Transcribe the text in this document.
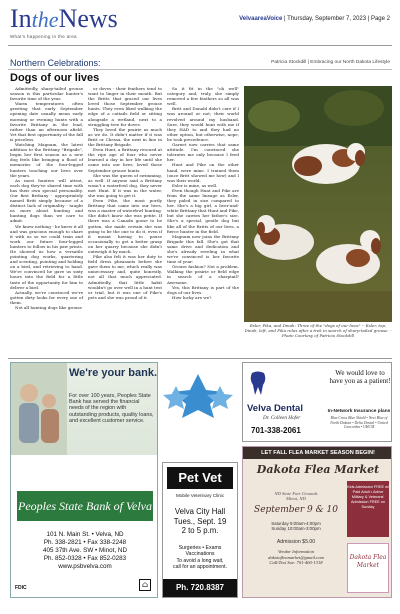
IntheNews
What's happening in the area
VelvaareaVoice | Thursday, September 7, 2023 | Page 2
Northern Celebrations:	Patricia Stockdill | Embracing our North Dakota Lifestyle
Dogs of our lives

Admittedly, sharp-tailed grouse season is this particular hunter's favorite time of the year.

Warm temperatures often greeting that early September opening date usually mean early morning or evening hunts with a favorite Brittany in the lead, rather than an afternoon afield. Yet that first opportunity of the fall is priceless.

Watching Magnum, the latest addition to the Brittany "Brigade", begin her first season as a new dog feels like bringing a flood of memories of the four-legged hunters touching our lives over the years.

As most hunters will attest, each dog they've shared time with has their own special personality. Our first Brittany - appropriately named Britt simply because of a distinct lack of originality - taught us more about hunting and hunting dogs than we care to admit.

We knew nothing - he knew it all and was gracious enough to share it with us so we could train and work our future four-legged hunters to follow in his paw prints. He showed us how a versatile pointing dog works, quartering and scenting, pointing and holding on a bird, and retrieving to hand. We're convinced he gave us sixty hours into the field for a little taste of the opportunity for him to deliver a bird.

Actually, we're convinced we're gotten dirty looks for every one of them.

Not all hunting dogs like grouse

or doves - their feathers tend to want to linger in their mouth. But the Britts that graced our lives loved those September grouse hunts. They even liked walking the edge of a cattails field or sitting alongside a wetland, next to a struggling tree for doves.

They loved the prairie as much as we do. It didn't matter if it was Britt or Chessa, the next in line in the Brittany Brigade.

Even Hunt, a Brittany rescued at the ripe age of four who never learned a day in her life until she came into our lives, loved those September grouse hunts.

She was the queen of swimming, as well. If anyone said a Brittany wasn't a waterfowl dog, they never met Hunt. If it was in the water, she was going to get it.

Even Pike, the most portly Brittany that came into our lives, was a master of waterfowl hunting. She didn't know she was petite. If there was a Canada goose to be gotten, she made certain she was going to be the one to do it, even if it meant having to pause occasionally to get a better grasp on her quarry because she didn't outweigh it by much.

Pike also felt it was her duty to field dress pheasants before she gave them to me, which really was unnecessary and, quite honestly, not all that much appreciated. Admittedly, that little habit wouldn't go over well in a hunt test or trial, but it was one of Pike's pets and she was proud of it.

So it fit in the "oh well" category and, truly, she simply removed a few feathers so all was well.

Britt and Donald didn't care if I was around or not; their world revolved around my husband. Sure, they would hunt with me if they HAD to and they had no other option, but otherwise, nope, he took precedence.

Garnet now carries that same attitude. I'm convinced she tolerates me only because I feed her.

Hunt and Pike on the other hand, were mine. I trained them (once Britt showed me how) and I was their world.

Esler is mine, as well.

Even though Hunt and Pike are from the same lineage as Esler, they paled in size compared to her. She's a big girl, a liver-and-white Brittany that Hunt and Pike, but she carries her father's size. She's a special, gentle dog but like all of the Britts of our lives, a fierce hunter in the field.

Magnum now joins the Brittany Brigade this fall. She's got that same drive and dedication and she's already reveling in what we're convinced is her favorite time of year:

Grouse fashion? Not a problem. Walking the prairie or field edge in search of a sharptail? Awesome.

Yes, this Brittany is part of the dogs of our lives.

How lucky are we?

Esler, Pika, and Dinah: Three of the "dogs of our lives" -- Esler, top, Dinah, left, and Pika relax after a trek in search of sharp-tailed grouse. - Photo Courtesy of Patricia Stockdill
We're your bank.
For over 100 years, Peoples State Bank has served the financial needs of the region with outstanding products, quality loans, and excellent customer service.
Peoples State Bank of Velva
101 N. Main St. • Velva, ND
Ph. 338-2821 • Fax 338-2248
405 37th Ave. SW • Minot, ND
Ph. 852-0328 • Fax 852-0283
www.psbvelva.com
FDIC	⌂
Pet Vet
Mobile Veterinary Clinic
Velva City Hall
Tues., Sept. 19
2 to 5 p.m.
Surgeries • Exams
Vaccinations
To avoid a long wait,
call for an appointment.
Ph. 720.8387
We would love to have you as a patient!
Velva Dental
Dr. Colleen Hofer
701-338-2061
In-Network Insurance plans
Blue Cross Blue Shield • Next Blue of North Dakota • Delta Dental • United Concordia • UHCM
LET FALL FLEA MARKET SEASON BEGIN!
Dakota Flea Market
ND State Fair Grounds
Minot, ND
September 9 & 10
Saturday 9:00am-4:00pm
Sunday 10:00am-3:00pm
Admission $5.00
Vendor Information
dakotafleamarket@gmail.com
Call/Text Sue: 701-460-1318
Kids Admission FREE w/ Paid Adult • Active Military & Veterans' Admission FREE on Sunday
Dakota Flea Market
